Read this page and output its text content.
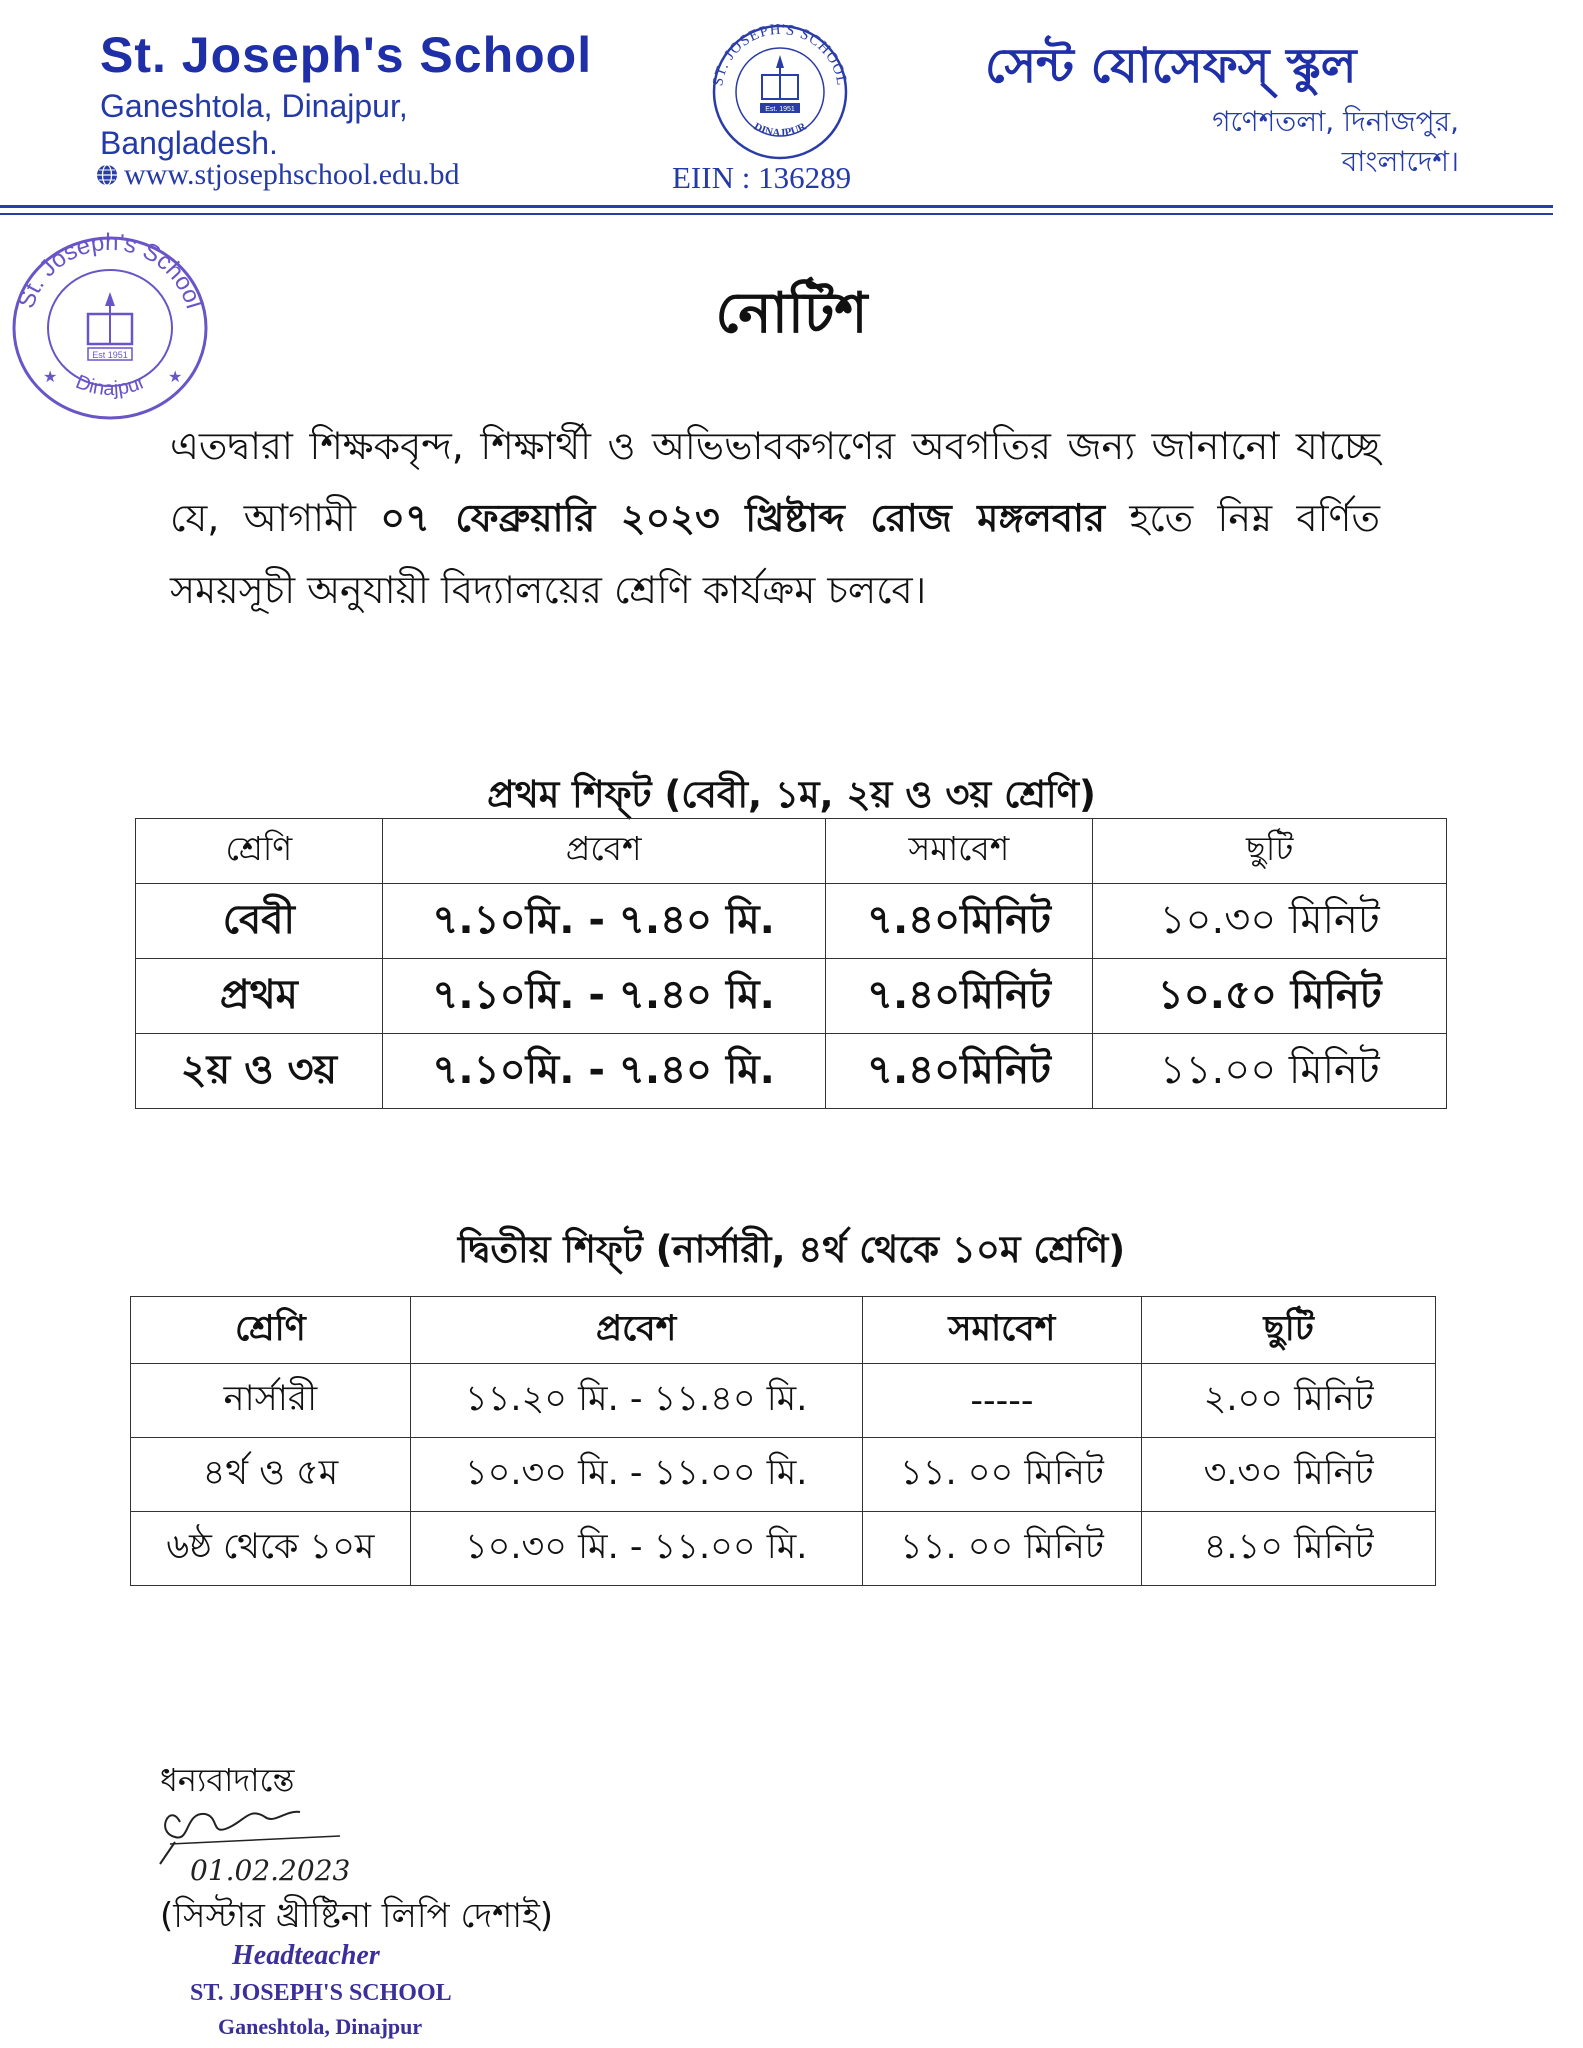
St. Joseph's School
Ganeshtola, Dinajpur,
Bangladesh.
www.stjosephschool.edu.bd
ST. JOSEPH'S SCHOOL
DINAJPUR
Est. 1951
EIIN : 136289
সেন্ট যোসেফস্ স্কুল
গণেশতলা, দিনাজপুর,
বাংলাদেশ।
St. Joseph's School
Dinajpur
Est 1951
★	★
নোটিশ
এতদ্বারা শিক্ষকবৃন্দ, শিক্ষার্থী ও অভিভাবকগণের অবগতির জন্য জানানো যাচ্ছে যে, আগামী ০৭ ফেব্রুয়ারি ২০২৩ খ্রিষ্টাব্দ রোজ মঙ্গলবার হতে নিম্ন বর্ণিত সময়সূচী অনুযায়ী বিদ্যালয়ের শ্রেণি কার্যক্রম চলবে।
প্রথম শিফ্‌ট (বেবী, ১ম, ২য় ও ৩য় শ্রেণি)
শ্রেণি	প্রবেশ	সমাবেশ	ছুটি
বেবী	৭.১০মি. - ৭.৪০ মি.	৭.৪০মিনিট	১০.৩০ মিনিট
প্রথম	৭.১০মি. - ৭.৪০ মি.	৭.৪০মিনিট	১০.৫০ মিনিট
২য় ও ৩য়	৭.১০মি. - ৭.৪০ মি.	৭.৪০মিনিট	১১.০০ মিনিট
দ্বিতীয় শিফ্‌ট (নার্সারী, ৪র্থ থেকে ১০ম শ্রেণি)
শ্রেণি	প্রবেশ	সমাবেশ	ছুটি
নার্সারী	১১.২০ মি. - ১১.৪০ মি.	-----	২.০০ মিনিট
৪র্থ ও ৫ম	১০.৩০ মি. - ১১.০০ মি.	১১. ০০ মিনিট	৩.৩০ মিনিট
৬ষ্ঠ থেকে ১০ম	১০.৩০ মি. - ১১.০০ মি.	১১. ০০ মিনিট	৪.১০ মিনিট
ধন্যবাদান্তে
01.02.2023
(সিস্টার খ্রীষ্টিনা লিপি দেশাই)
Headteacher
ST. JOSEPH'S SCHOOL
Ganeshtola, Dinajpur
